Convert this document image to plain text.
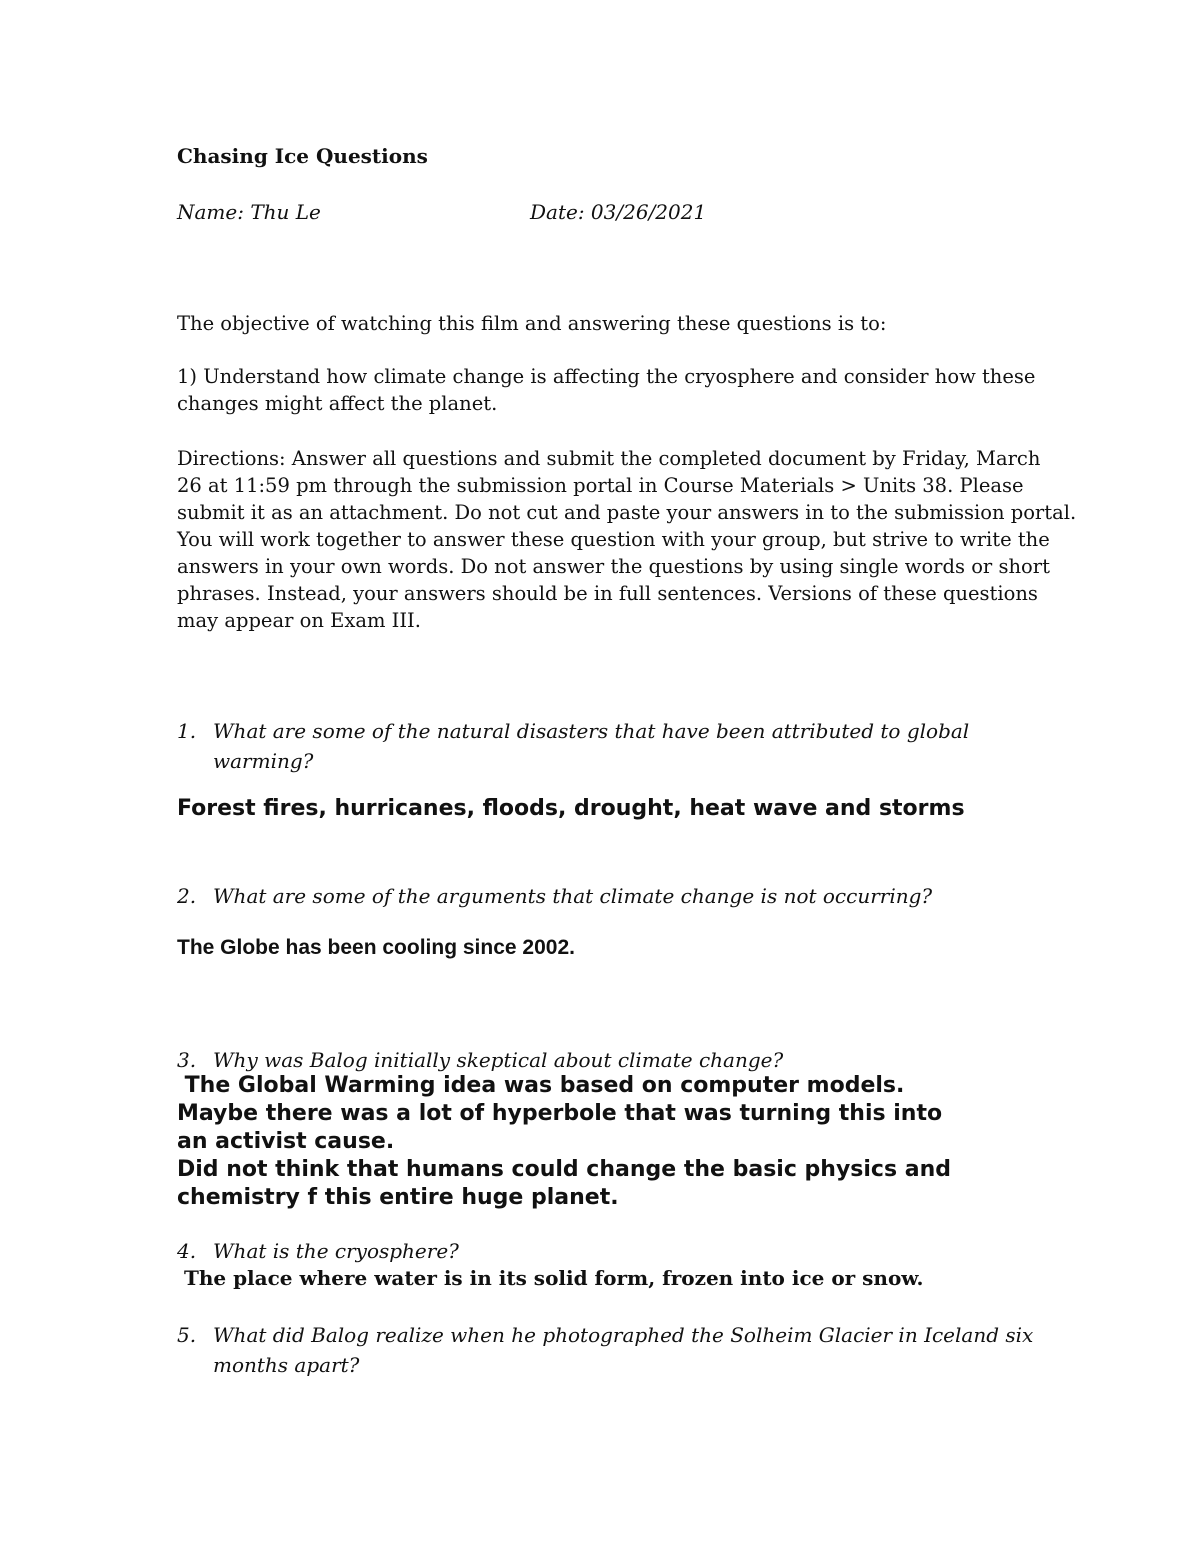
Chasing Ice Questions

Name: Thu Le	Date: 03/26/2021

The objective of watching this film and answering these questions is to:

1) Understand how climate change is affecting the cryosphere and consider how these
changes might affect the planet.
Directions: Answer all questions and submit the completed document by Friday, March
26 at 11:59 pm through the submission portal in Course Materials > Units 38. Please
submit it as an attachment. Do not cut and paste your answers in to the submission portal.
You will work together to answer these question with your group, but strive to write the
answers in your own words. Do not answer the questions by using single words or short
phrases. Instead, your answers should be in full sentences. Versions of these questions
may appear on Exam III.
1. What are some of the natural disasters that have been attributed to global
warming?

Forest fires, hurricanes, floods, drought, heat wave and storms

2. What are some of the arguments that climate change is not occurring?

The Globe has been cooling since 2002.

3. Why was Balog initially skeptical about climate change?
The Global Warming idea was based on computer models.
Maybe there was a lot of hyperbole that was turning this into
an activist cause.
Did not think that humans could change the basic physics and
chemistry f this entire huge planet.
4. What is the cryosphere?

The place where water is in its solid form, frozen into ice or snow.

5. What did Balog realize when he photographed the Solheim Glacier in Iceland six
months apart?
